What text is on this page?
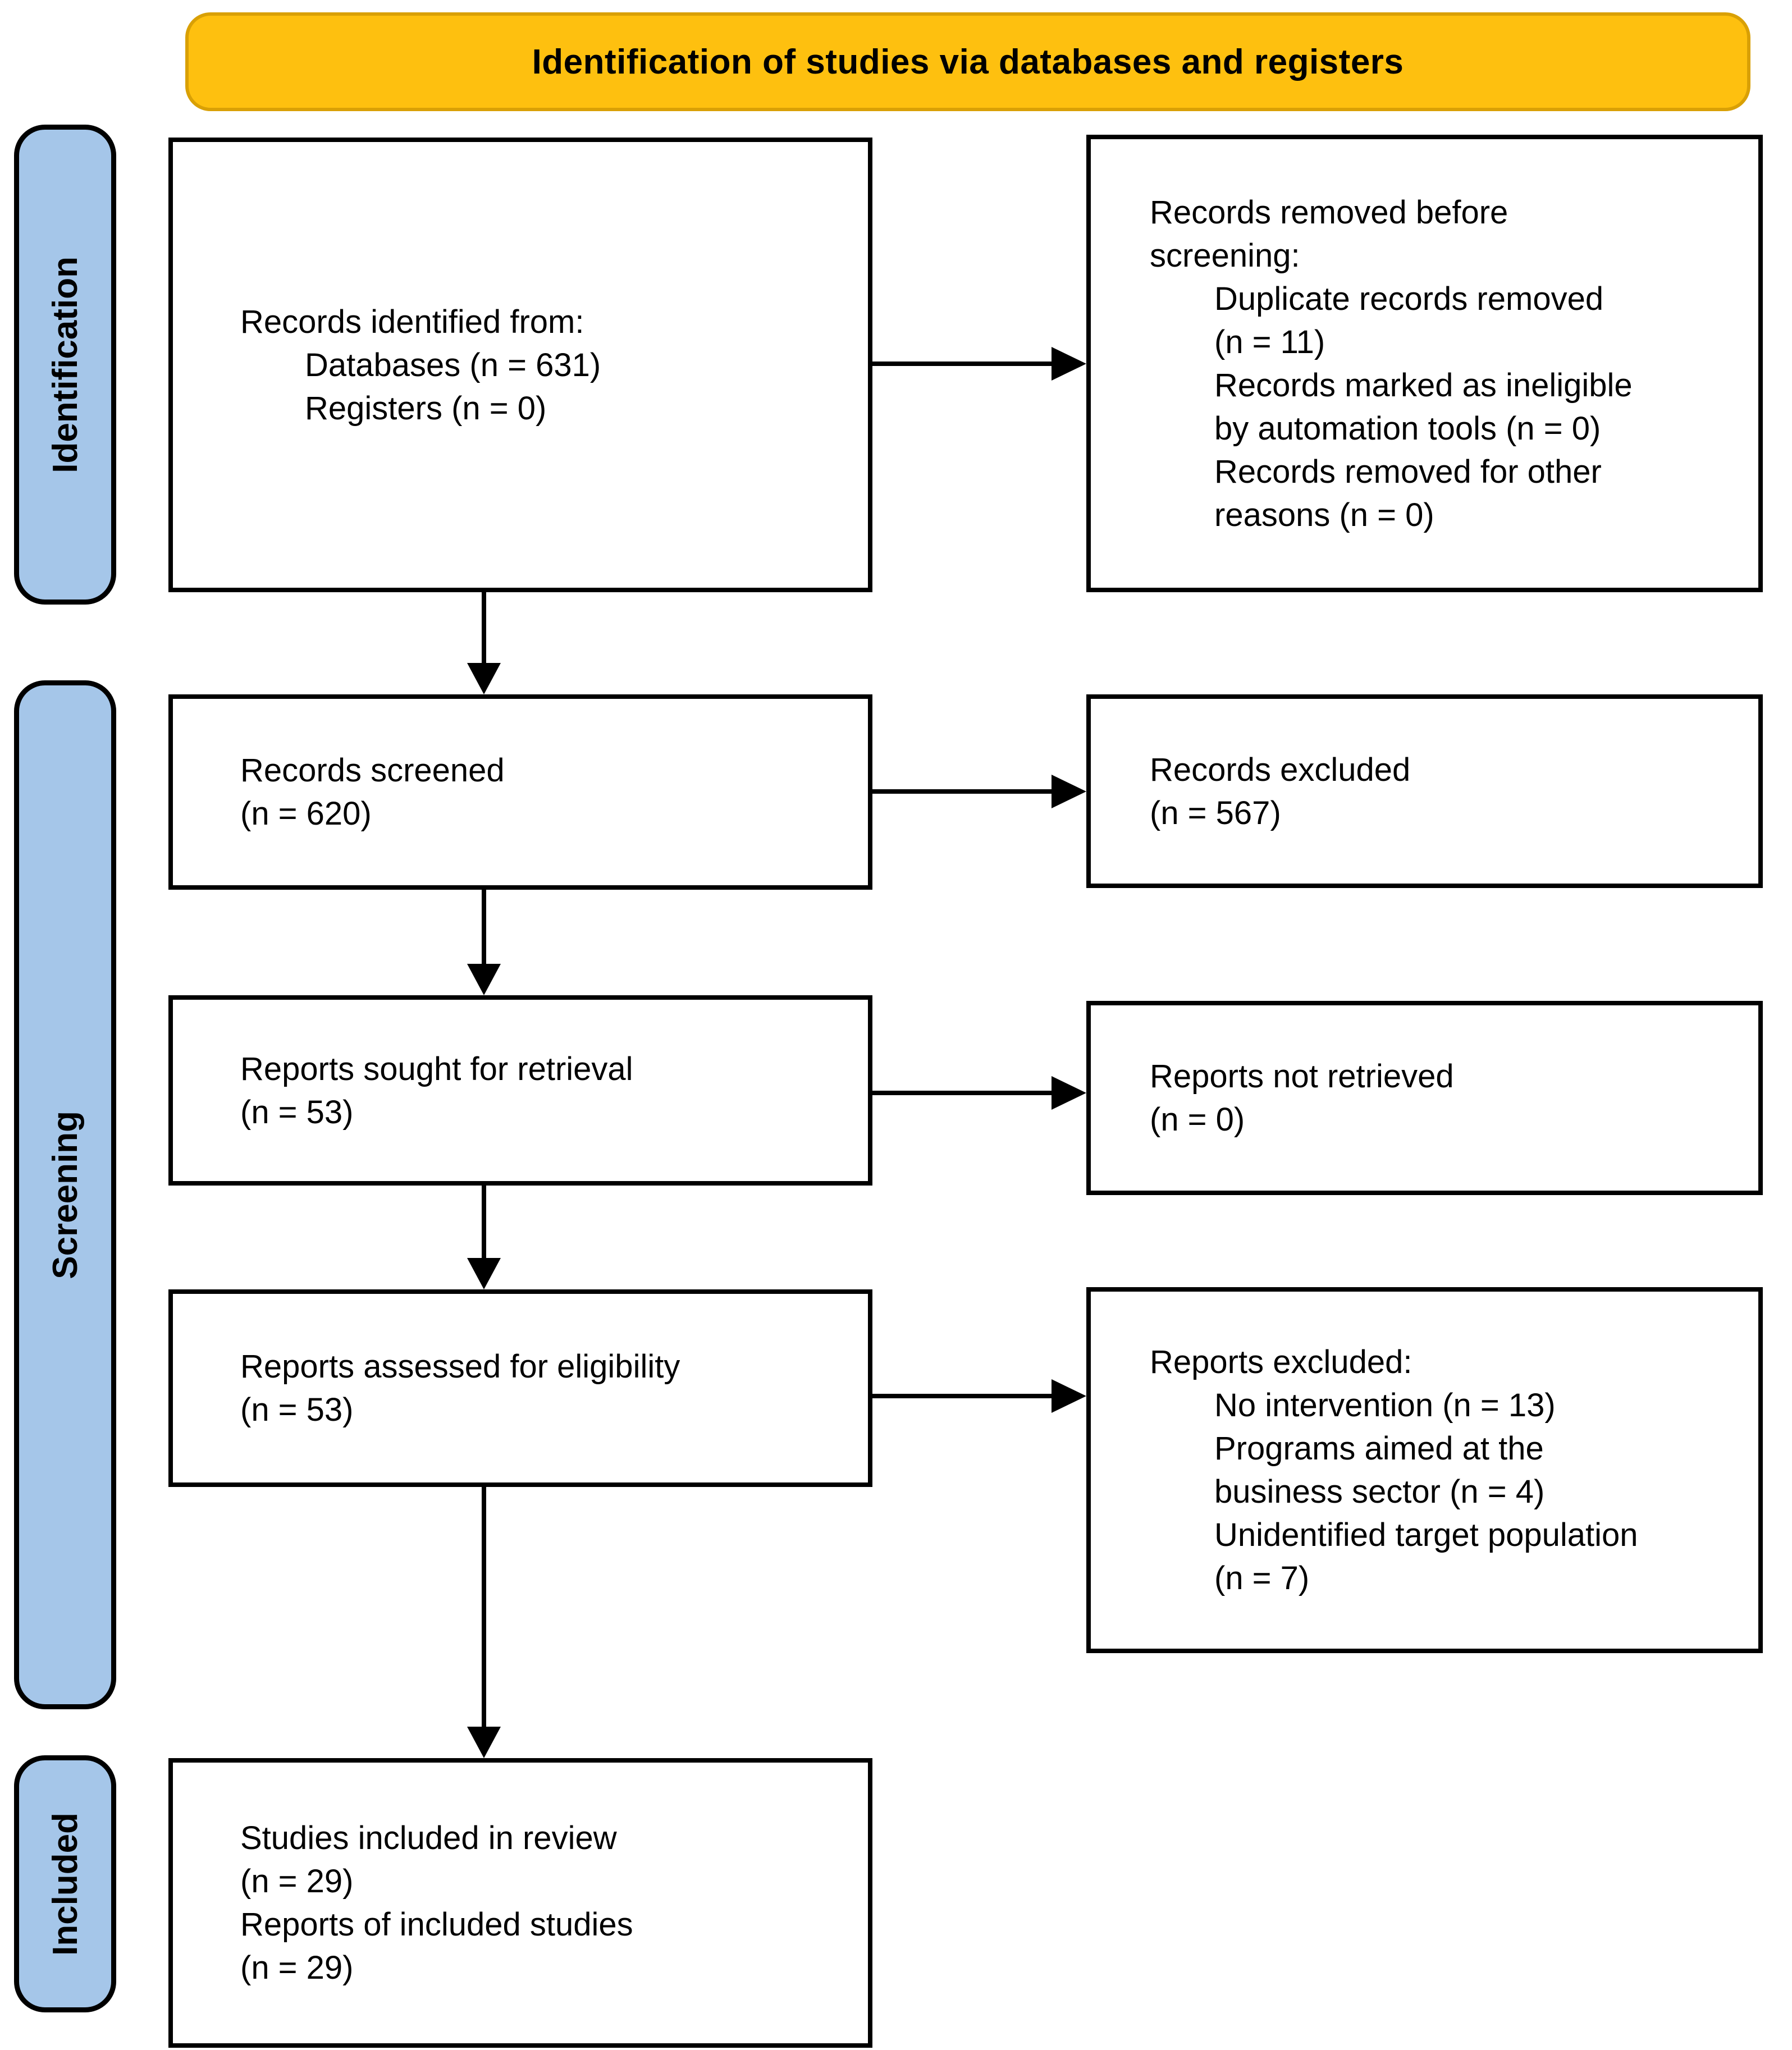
Identification of studies via databases and registers
Identification
Screening
Included
Records identified from:
Databases (n = 631)
Registers (n = 0)
Records removed before
screening:
Duplicate records removed
(n = 11)
Records marked as ineligible
by automation tools (n = 0)
Records removed for other
reasons (n = 0)
Records screened
(n = 620)
Records excluded
(n = 567)
Reports sought for retrieval
(n = 53)
Reports not retrieved
(n = 0)
Reports assessed for eligibility
(n = 53)
Reports excluded:
No intervention (n = 13)
Programs aimed at the
business sector (n = 4)
Unidentified target population
(n = 7)
Studies included in review
(n = 29)
Reports of included studies
(n = 29)
